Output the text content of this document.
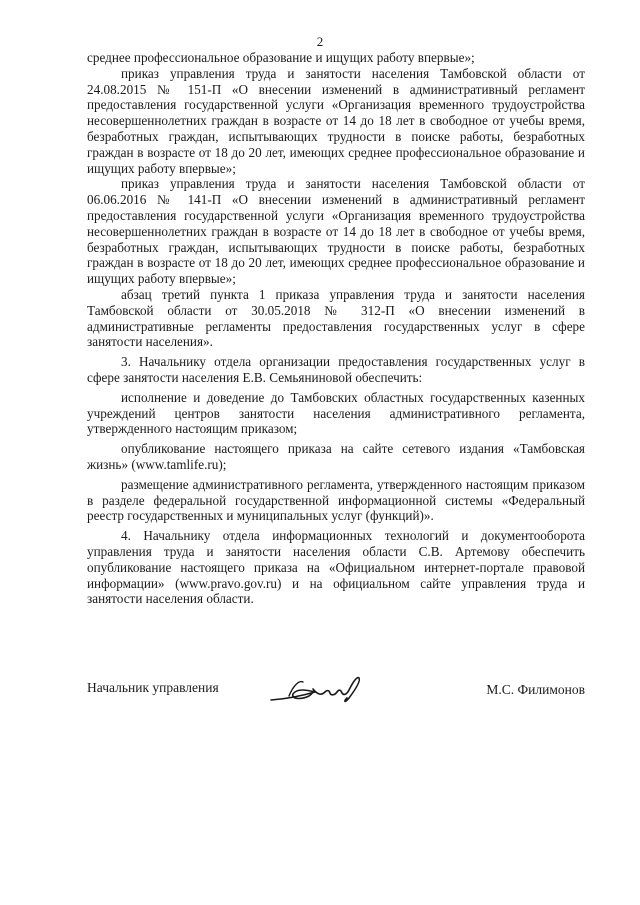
2

среднее профессиональное образование и ищущих работу впервые»;

приказ управления труда и занятости населения Тамбовской области от 24.08.2015 № 151-П «О внесении изменений в административный регламент предоставления государственной услуги «Организация временного трудоустройства несовершеннолетних граждан в возрасте от 14 до 18 лет в свободное от учебы время, безработных граждан, испытывающих трудности в поиске работы, безработных граждан в возрасте от 18 до 20 лет, имеющих среднее профессиональное образование и ищущих работу впервые»;

приказ управления труда и занятости населения Тамбовской области от 06.06.2016 № 141-П «О внесении изменений в административный регламент предоставления государственной услуги «Организация временного трудоустройства несовершеннолетних граждан в возрасте от 14 до 18 лет в свободное от учебы время, безработных граждан, испытывающих трудности в поиске работы, безработных граждан в возрасте от 18 до 20 лет, имеющих среднее профессиональное образование и ищущих работу впервые»;

абзац третий пункта 1 приказа управления труда и занятости населения Тамбовской области от 30.05.2018 № 312-П «О внесении изменений в административные регламенты предоставления государственных услуг в сфере занятости населения».

3. Начальнику отдела организации предоставления государственных услуг в сфере занятости населения Е.В. Семьяниновой обеспечить:

исполнение и доведение до Тамбовских областных государственных казенных учреждений центров занятости населения административного регламента, утвержденного настоящим приказом;

опубликование настоящего приказа на сайте сетевого издания «Тамбовская жизнь» (www.tamlife.ru);

размещение административного регламента, утвержденного настоящим приказом в разделе федеральной государственной информационной системы «Федеральный реестр государственных и муниципальных услуг (функций)».

4. Начальнику отдела информационных технологий и документооборота управления труда и занятости населения области С.В. Артемову обеспечить опубликование настоящего приказа на «Официальном интернет-портале правовой информации» (www.pravo.gov.ru) и на официальном сайте управления труда и занятости населения области.

Начальник управления	М.С. Филимонов
